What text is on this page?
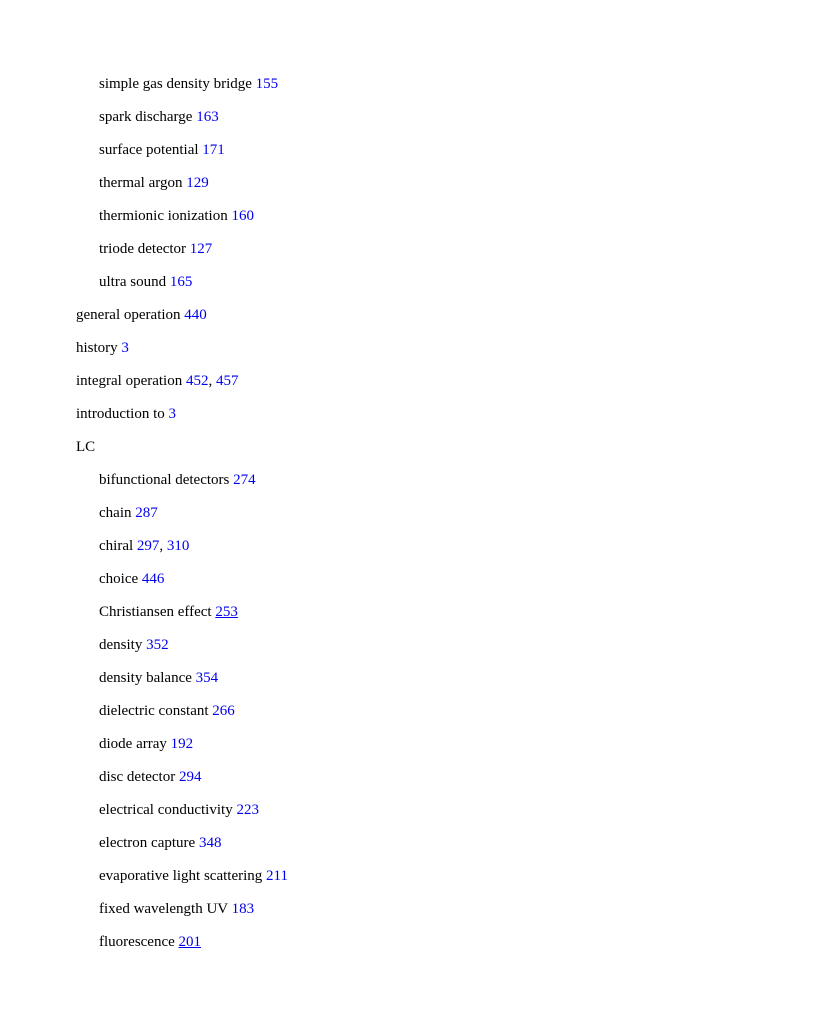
simple gas density bridge 155
spark discharge 163
surface potential 171
thermal argon 129
thermionic ionization 160
triode detector 127
ultra sound 165
general operation 440
history 3
integral operation 452, 457
introduction to 3
LC
bifunctional detectors 274
chain 287
chiral 297, 310
choice 446
Christiansen effect 253
density 352
density balance 354
dielectric constant 266
diode array 192
disc detector 294
electrical conductivity 223
electron capture 348
evaporative light scattering 211
fixed wavelength UV 183
fluorescence 201
